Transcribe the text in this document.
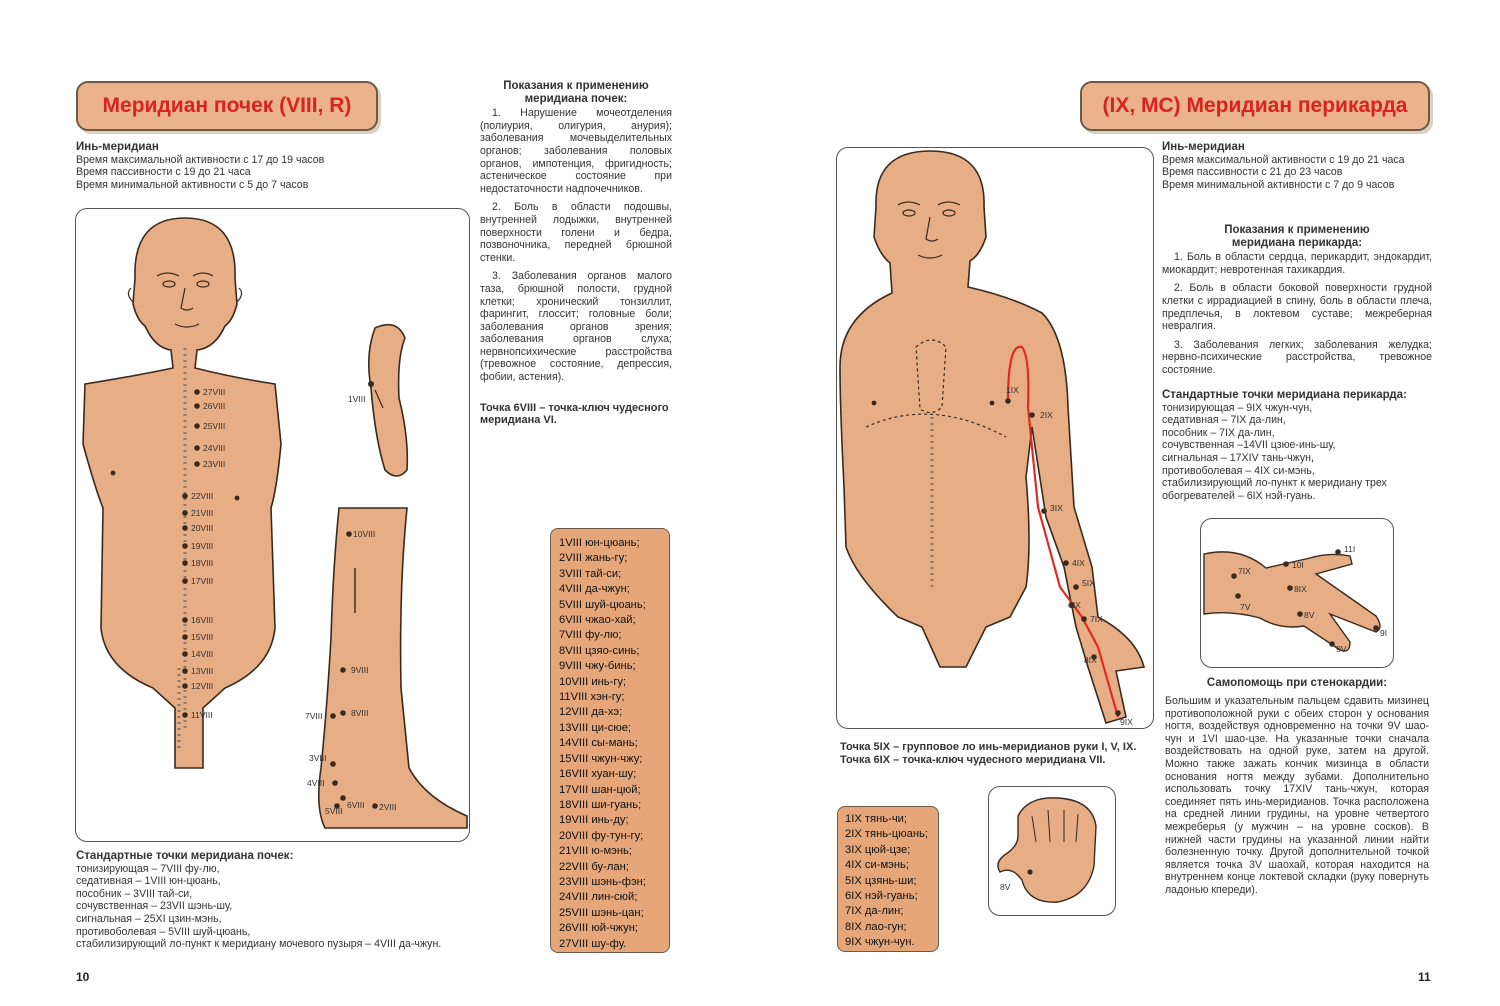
Меридиан почек (VIII, R)
Инь-меридиан
Время максимальной активности с 17 до 19 часов
Время пассивности с 19 до 21 часа
Время минимальной активности с 5 до 7 часов
27VIII
26VIII
25VIII
24VIII
23VIII
22VIII
21VIII
20VIII
19VIII
18VIII
17VIII
16VIII
15VIII
14VIII
13VIII
12VIII
11VIII
1VIII
10VIII
9VIII
8VIII
7VIII
3VIII
4VIII
6VIII
5VIII	2VIII
Показания к применению меридиана почек:
1. Нарушение мочеотделения (полиурия, олигурия, анурия); заболевания мочевыделительных органов; заболевания половых органов, импотенция, фригидность; астеническое состояние при недостаточности надпочечников.
2. Боль в области подошвы, внутренней лодыжки, внутренней поверхности голени и бедра, позвоночника, передней брюшной стенки.
3. Заболевания органов малого таза, брюшной полости, грудной клетки; хронический тонзиллит, фарингит, глоссит; головные боли; заболевания органов зрения; заболевания органов слуха; нервнопсихические расстройства (тревожное состояние, депрессия, фобии, астения).
Точка 6VIII – точка-ключ чудесного меридиана VI.
1VIII юн-цюань;
2VIII жань-гу;
3VIII тай-си;
4VIII да-чжун;
5VIII шуй-цюань;
6VIII чжао-хай;
7VIII фу-лю;
8VIII цзяо-синь;
9VIII чжу-бинь;
10VIII инь-гу;
11VIII хэн-гу;
12VIII да-хэ;
13VIII ци-сюе;
14VIII сы-мань;
15VIII чжун-чжу;
16VIII хуан-шу;
17VIII шан-цюй;
18VIII ши-гуань;
19VIII инь-ду;
20VIII фу-тун-гу;
21VIII ю-мэнь;
22VIII бу-лан;
23VIII шэнь-фэн;
24VIII лин-сюй;
25VIII шэнь-цан;
26VIII юй-чжун;
27VIII шу-фу.
Стандартные точки меридиана почек:
тонизирующая – 7VIII фу-лю,
седативная – 1VIII юн-цюань,
пособник – 3VIII тай-си,
сочувственная – 23VII шэнь-шу,
сигнальная – 25XI цзин-мэнь,
противоболевая – 5VIII шуй-цюань,
стабилизирующий ло-пункт к меридиану мочевого пузыря – 4VIII да-чжун.
10
(IX, MC) Меридиан перикарда
1IX
2IX
3IX
4IX
5IX
6IX
7IX
8IX
9IX
Инь-меридиан
Время максимальной активности с 19 до 21 часа
Время пассивности с 21 до 23 часов
Время минимальной активности с 7 до 9 часов
Показания к применению меридиана перикарда:
1. Боль в области сердца, перикардит, эндокардит, миокардит; невротенная тахикардия.
2. Боль в области боковой поверхности грудной клетки с иррадиацией в спину, боль в области плеча, предплечья, в локтевом суставе; межреберная невралгия.
3. Заболевания легких; заболевания желудка; нервно-психические расстройства, тревожное состояние.
Стандартные точки меридиана перикарда:
тонизирующая – 9IX чжун-чун,
седативная – 7IX да-лин,
пособник – 7IX да-лин,
сочувственная –14VII цзюе-инь-шу,
сигнальная – 17XIV тань-чжун,
противоболевая – 4IX си-мэнь,
стабилизирующий ло-пункт к меридиану трех обогревателей – 6IX нэй-гуань.
11I
10I
7IX
8IX
7V
8V
9V
9I
Самопомощь при стенокардии:
Большим и указательным пальцем сдавить мизинец противоположной руки с обеих сторон у основания ногтя, воздействуя одновременно на точки 9V шао-чун и 1VI шао-цзе. На указанные точки сначала воздействовать на одной руке, затем на другой. Можно также зажать кончик мизинца в области основания ногтя между зубами. Дополнительно использовать точку 17XIV тань-чжун, которая соединяет пять инь-меридианов. Точка расположена на средней линии грудины, на уровне четвертого межреберья (у мужчин – на уровне сосков). В нижней части грудины на указанной линии найти болезненную точку. Другой дополнительной точкой является точка 3V шаохай, которая находится на внутреннем конце локтевой складки (руку повернуть ладонью кпереди).
Точка 5IX – групповое ло инь-меридианов руки I, V, IX.
Точка 6IX – точка-ключ чудесного меридиана VII.
1IX тянь-чи;
2IX тянь-цюань;
3IX цюй-цзе;
4IX си-мэнь;
5IX цзянь-ши;
6IX нэй-гуань;
7IX да-лин;
8IX лао-гун;
9IX чжун-чун.
8V
11
